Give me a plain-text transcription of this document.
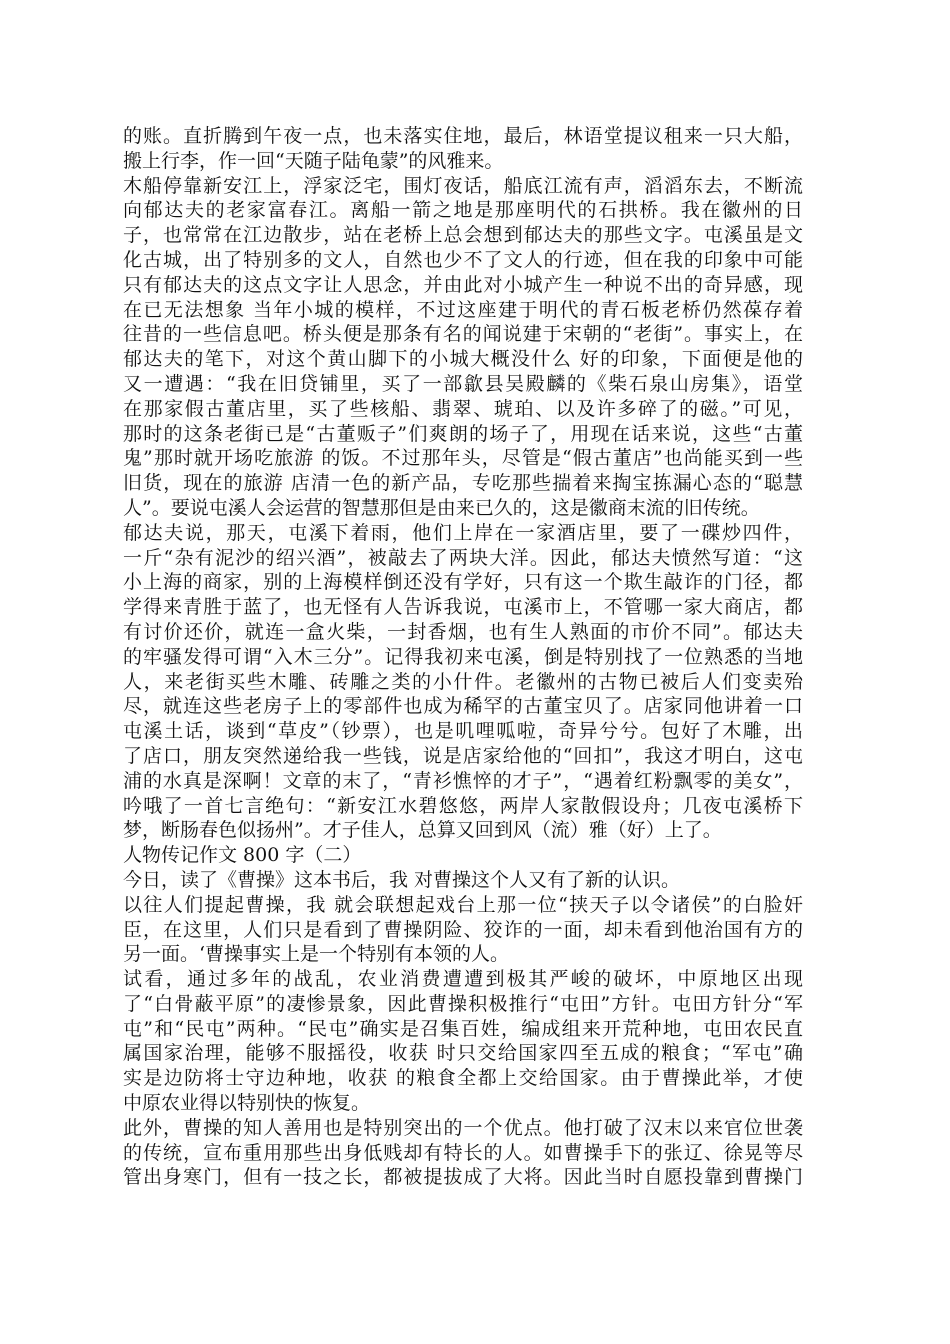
的账。直折腾到午夜一点，也未落实住地，最后，林语堂提议租来一只大船，
搬上行李，作一回“天随子陆龟蒙”的风雅来。
木船停靠新安江上，浮家泛宅，围灯夜话，船底江流有声，滔滔东去，不断流
向郁达夫的老家富春江。离船一箭之地是那座明代的石拱桥。我在徽州的日
子，也常常在江边散步，站在老桥上总会想到郁达夫的那些文字。屯溪虽是文
化古城，出了特别多的文人，自然也少不了文人的行迹，但在我的印象中可能
只有郁达夫的这点文字让人思念，并由此对小城产生一种说不出的奇异感，现
在已无法想象 当年小城的模样，不过这座建于明代的青石板老桥仍然葆存着
往昔的一些信息吧。桥头便是那条有名的闻说建于宋朝的“老街”。事实上，在
郁达夫的笔下，对这个黄山脚下的小城大概没什么 好的印象，下面便是他的
又一遭遇：“我在旧贷铺里，买了一部歙县吴殿麟的《柴石泉山房集》，语堂
在那家假古董店里，买了些核船、翡翠、琥珀、以及许多碎了的磁。”可见，
那时的这条老街已是“古董贩子”们爽朗的场子了，用现在话来说，这些“古董
鬼”那时就开场吃旅游 的饭。不过那年头，尽管是“假古董店”也尚能买到一些
旧货，现在的旅游 店清一色的新产品，专吃那些揣着来掏宝拣漏心态的“聪慧
人”。要说屯溪人会运营的智慧那但是由来已久的，这是徽商末流的旧传统。
郁达夫说，那天，屯溪下着雨，他们上岸在一家酒店里，要了一碟炒四件，
一斤“杂有泥沙的绍兴酒”，被敲去了两块大洋。因此，郁达夫愤然写道：“这
小上海的商家，别的上海模样倒还没有学好，只有这一个欺生敲诈的门径，都
学得来青胜于蓝了，也无怪有人告诉我说，屯溪市上，不管哪一家大商店，都
有讨价还价，就连一盒火柴，一封香烟，也有生人熟面的市价不同”。郁达夫
的牢骚发得可谓“入木三分”。记得我初来屯溪，倒是特别找了一位熟悉的当地
人，来老街买些木雕、砖雕之类的小什件。老徽州的古物已被后人们变卖殆
尽，就连这些老房子上的零部件也成为稀罕的古董宝贝了。店家同他讲着一口
屯溪土话，谈到“草皮”（钞票），也是叽哩呱啦，奇异兮兮。包好了木雕，出
了店口，朋友突然递给我一些钱，说是店家给他的“回扣”，我这才明白，这屯
浦的水真是深啊！文章的末了，“青衫憔悴的才子”，“遇着红粉飘零的美女”，
吟哦了一首七言绝句：“新安江水碧悠悠，两岸人家散假设舟；几夜屯溪桥下
梦，断肠春色似扬州”。才子佳人，总算又回到风（流）雅（好）上了。
人物传记作文 800 字（二）
今日，读了《曹操》这本书后，我 对曹操这个人又有了新的认识。
以往人们提起曹操，我 就会联想起戏台上那一位“挟天子以令诸侯”的白脸奸
臣，在这里，人们只是看到了曹操阴险、狡诈的一面，却未看到他治国有方的
另一面。‘曹操事实上是一个特别有本领的人。
试看，通过多年的战乱，农业消费遭遭到极其严峻的破坏，中原地区出现
了“白骨蔽平原”的凄惨景象，因此曹操积极推行“屯田”方针。屯田方针分“军
屯”和“民屯”两种。“民屯”确实是召集百姓，编成组来开荒种地，屯田农民直
属国家治理，能够不服摇役，收获 时只交给国家四至五成的粮食；“军屯”确
实是边防将士守边种地，收获 的粮食全都上交给国家。由于曹操此举，才使
中原农业得以特别快的恢复。
此外，曹操的知人善用也是特别突出的一个优点。他打破了汉末以来官位世袭
的传统，宣布重用那些出身低贱却有特长的人。如曹操手下的张辽、徐晃等尽
管出身寒门，但有一技之长，都被提拔成了大将。因此当时自愿投靠到曹操门
